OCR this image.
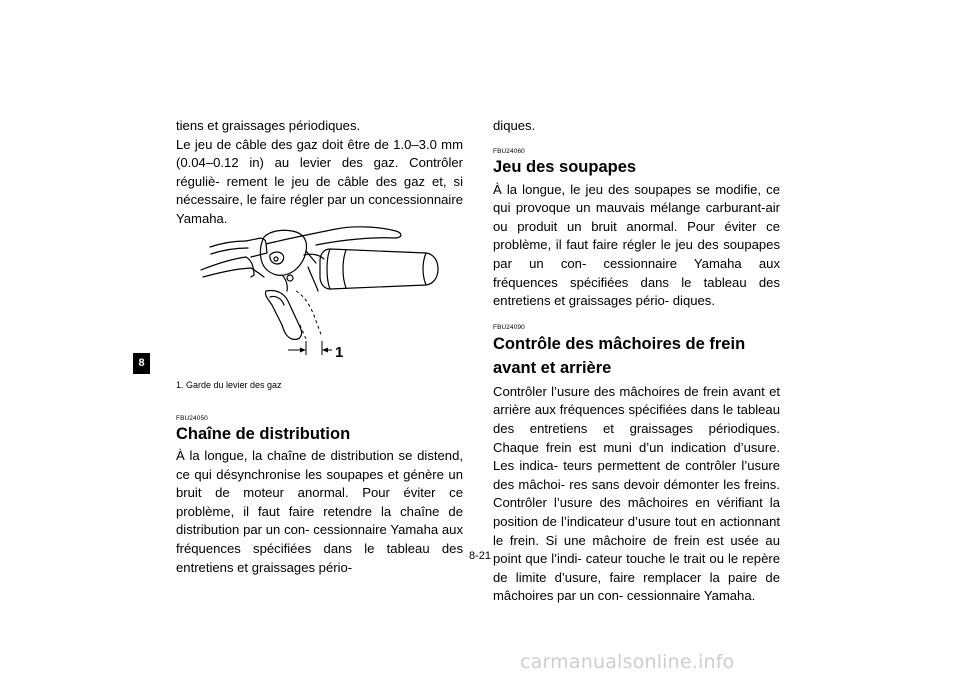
8

tiens et graissages périodiques.

Le jeu de câble des gaz doit être de 1.0–3.0 mm (0.04–0.12 in) au levier des gaz. Contrôler réguliè- rement le jeu de câble des gaz et, si nécessaire, le faire régler par un concessionnaire Yamaha.

1

1. Garde du levier des gaz

FBU24050

Chaîne de distribution

À la longue, la chaîne de distribution se distend, ce qui désynchronise les soupapes et génère un bruit de moteur anormal. Pour éviter ce problème, il faut faire retendre la chaîne de distribution par un con- cessionnaire Yamaha aux fréquences spécifiées dans le tableau des entretiens et graissages pério-

diques.

FBU24060

Jeu des soupapes

À la longue, le jeu des soupapes se modifie, ce qui provoque un mauvais mélange carburant-air ou produit un bruit anormal. Pour éviter ce problème, il faut faire régler le jeu des soupapes par un con- cessionnaire Yamaha aux fréquences spécifiées dans le tableau des entretiens et graissages pério- diques.

FBU24090

Contrôle des mâchoires de frein avant et arrière

Contrôler l’usure des mâchoires de frein avant et arrière aux fréquences spécifiées dans le tableau des entretiens et graissages périodiques. Chaque frein est muni d’un indication d’usure. Les indica- teurs permettent de contrôler l’usure des mâchoi- res sans devoir démonter les freins. Contrôler l’usure des mâchoires en vérifiant la position de l’indicateur d’usure tout en actionnant le frein. Si une mâchoire de frein est usée au point que l’indi- cateur touche le trait ou le repère de limite d’usure, faire remplacer la paire de mâchoires par un con- cessionnaire Yamaha.

8-21
carmanualsonline.info
